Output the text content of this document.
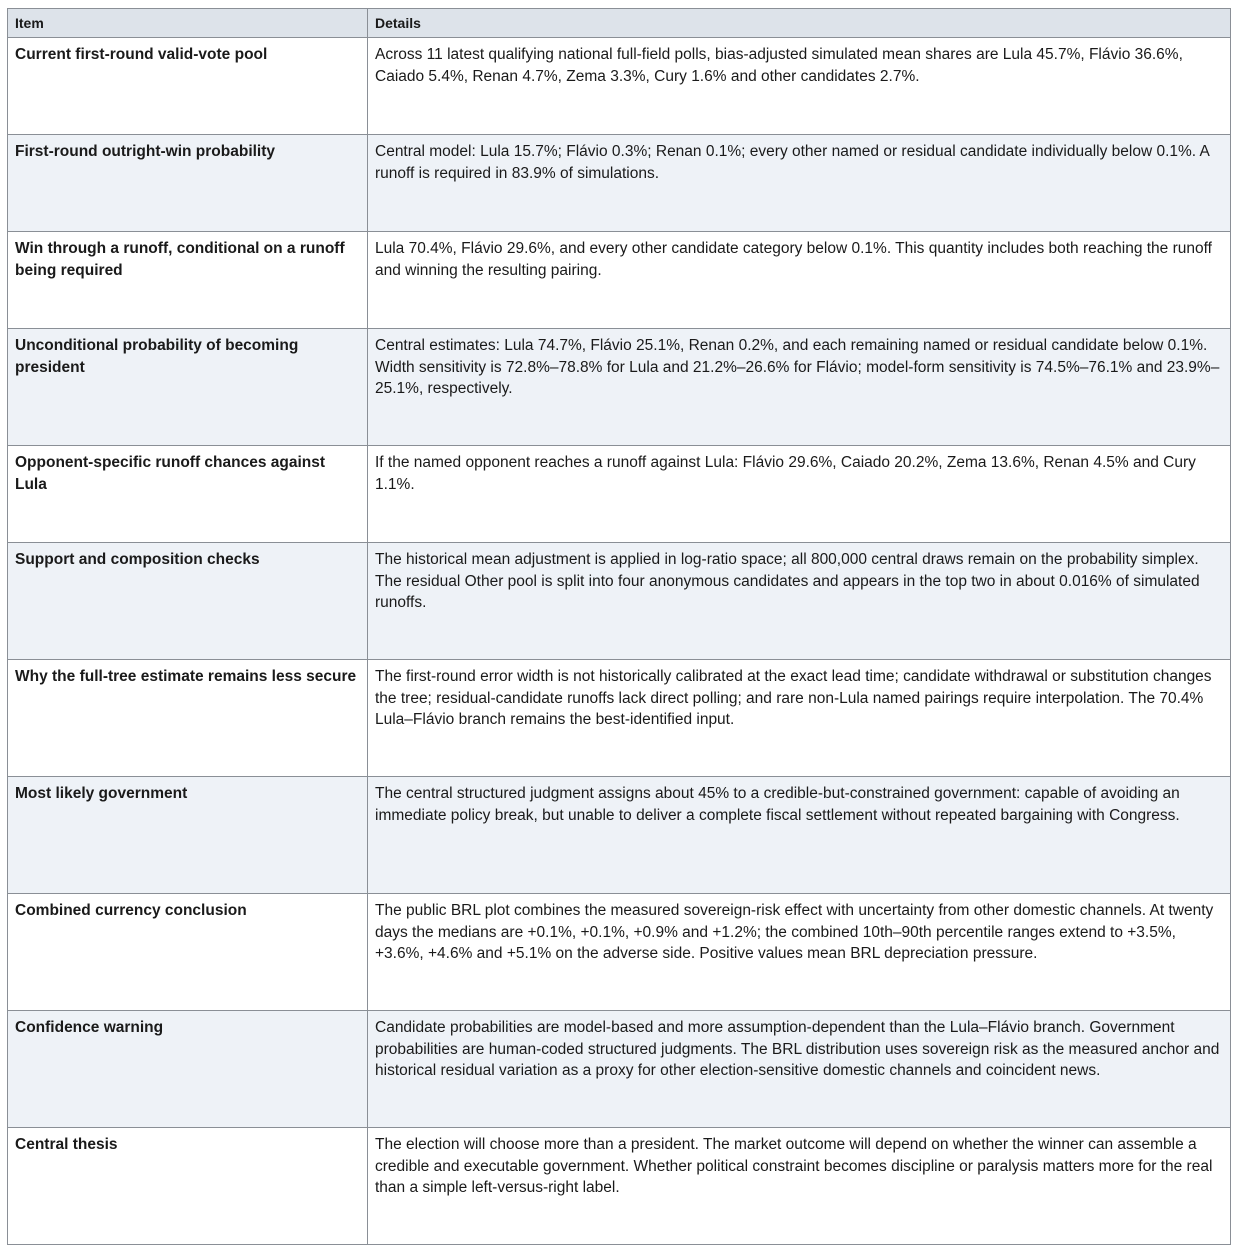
Item	Details
Current first-round valid-vote pool	Across 11 latest qualifying national full-field polls, bias-adjusted simulated mean shares are Lula 45.7%, Flávio 36.6%, Caiado 5.4%, Renan 4.7%, Zema 3.3%, Cury 1.6% and other candidates 2.7%.
First-round outright-win probability	Central model: Lula 15.7%; Flávio 0.3%; Renan 0.1%; every other named or residual candidate individually below 0.1%. A runoff is required in 83.9% of simulations.
Win through a runoff, conditional on a runoff being required	Lula 70.4%, Flávio 29.6%, and every other candidate category below 0.1%. This quantity includes both reaching the runoff and winning the resulting pairing.
Unconditional probability of becoming president	Central estimates: Lula 74.7%, Flávio 25.1%, Renan 0.2%, and each remaining named or residual candidate below 0.1%. Width sensitivity is 72.8%–78.8% for Lula and 21.2%–26.6% for Flávio; model-form sensitivity is 74.5%–76.1% and 23.9%–25.1%, respectively.
Opponent-specific runoff chances against Lula	If the named opponent reaches a runoff against Lula: Flávio 29.6%, Caiado 20.2%, Zema 13.6%, Renan 4.5% and Cury 1.1%.
Support and composition checks	The historical mean adjustment is applied in log-ratio space; all 800,000 central draws remain on the probability simplex. The residual Other pool is split into four anonymous candidates and appears in the top two in about 0.016% of simulated runoffs.
Why the full-tree estimate remains less secure	The first-round error width is not historically calibrated at the exact lead time; candidate withdrawal or substitution changes the tree; residual-candidate runoffs lack direct polling; and rare non-Lula named pairings require interpolation. The 70.4% Lula–Flávio branch remains the best-identified input.
Most likely government	The central structured judgment assigns about 45% to a credible-but-constrained government: capable of avoiding an immediate policy break, but unable to deliver a complete fiscal settlement without repeated bargaining with Congress.
Combined currency conclusion	The public BRL plot combines the measured sovereign-risk effect with uncertainty from other domestic channels. At twenty days the medians are +0.1%, +0.1%, +0.9% and +1.2%; the combined 10th–90th percentile ranges extend to +3.5%, +3.6%, +4.6% and +5.1% on the adverse side. Positive values mean BRL depreciation pressure.
Confidence warning	Candidate probabilities are model-based and more assumption-dependent than the Lula–Flávio branch. Government probabilities are human-coded structured judgments. The BRL distribution uses sovereign risk as the measured anchor and historical residual variation as a proxy for other election-sensitive domestic channels and coincident news.
Central thesis	The election will choose more than a president. The market outcome will depend on whether the winner can assemble a credible and executable government. Whether political constraint becomes discipline or paralysis matters more for the real than a simple left-versus-right label.
